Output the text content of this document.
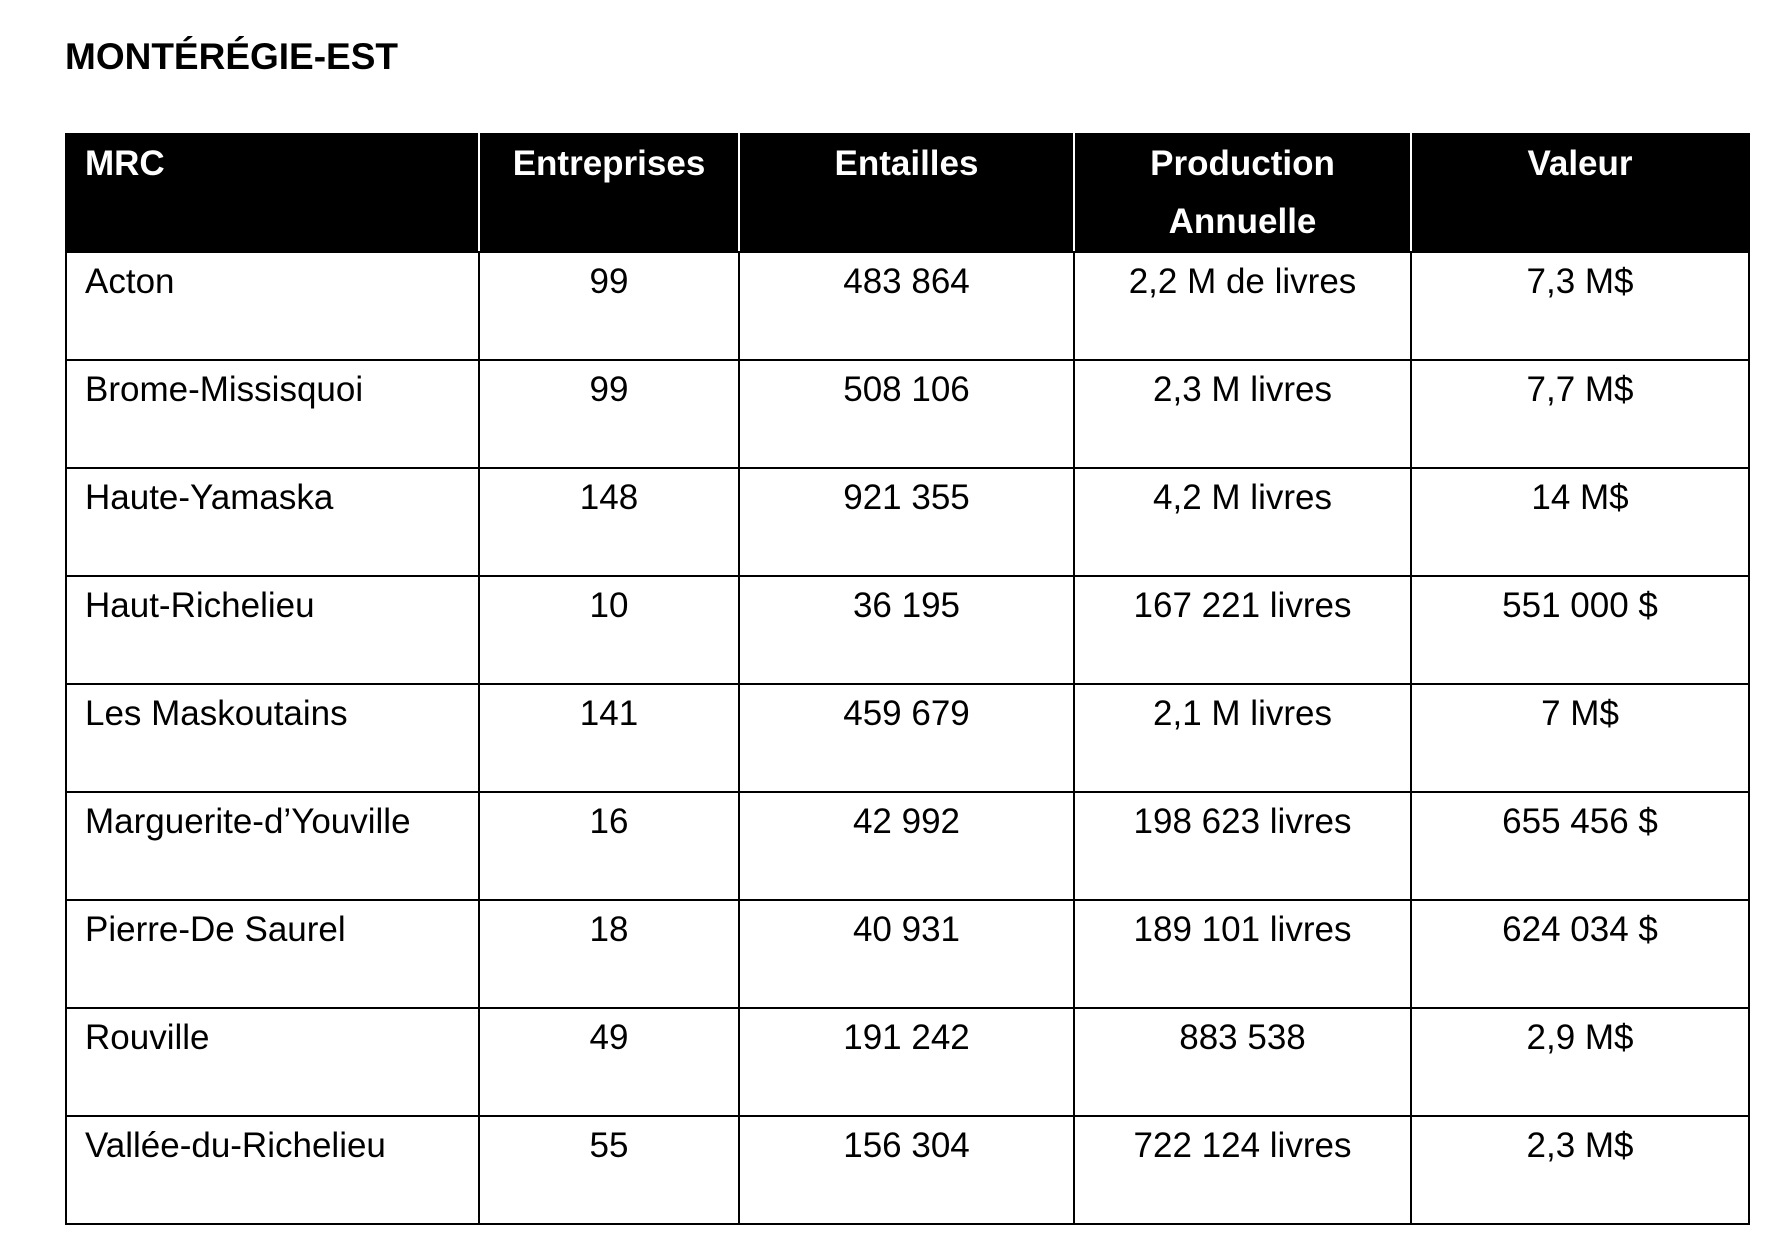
MONTÉRÉGIE-EST
MRC	Entreprises	Entailles	Production Annuelle	Valeur
Acton	99	483 864	2,2 M de livres	7,3 M$
Brome-Missisquoi	99	508 106	2,3 M livres	7,7 M$
Haute-Yamaska	148	921 355	4,2 M livres	14 M$
Haut-Richelieu	10	36 195	167 221 livres	551 000 $
Les Maskoutains	141	459 679	2,1 M livres	7 M$
Marguerite-d’Youville	16	42 992	198 623 livres	655 456 $
Pierre-De Saurel	18	40 931	189 101 livres	624 034 $
Rouville	49	191 242	883 538	2,9 M$
Vallée-du-Richelieu	55	156 304	722 124 livres	2,3 M$
